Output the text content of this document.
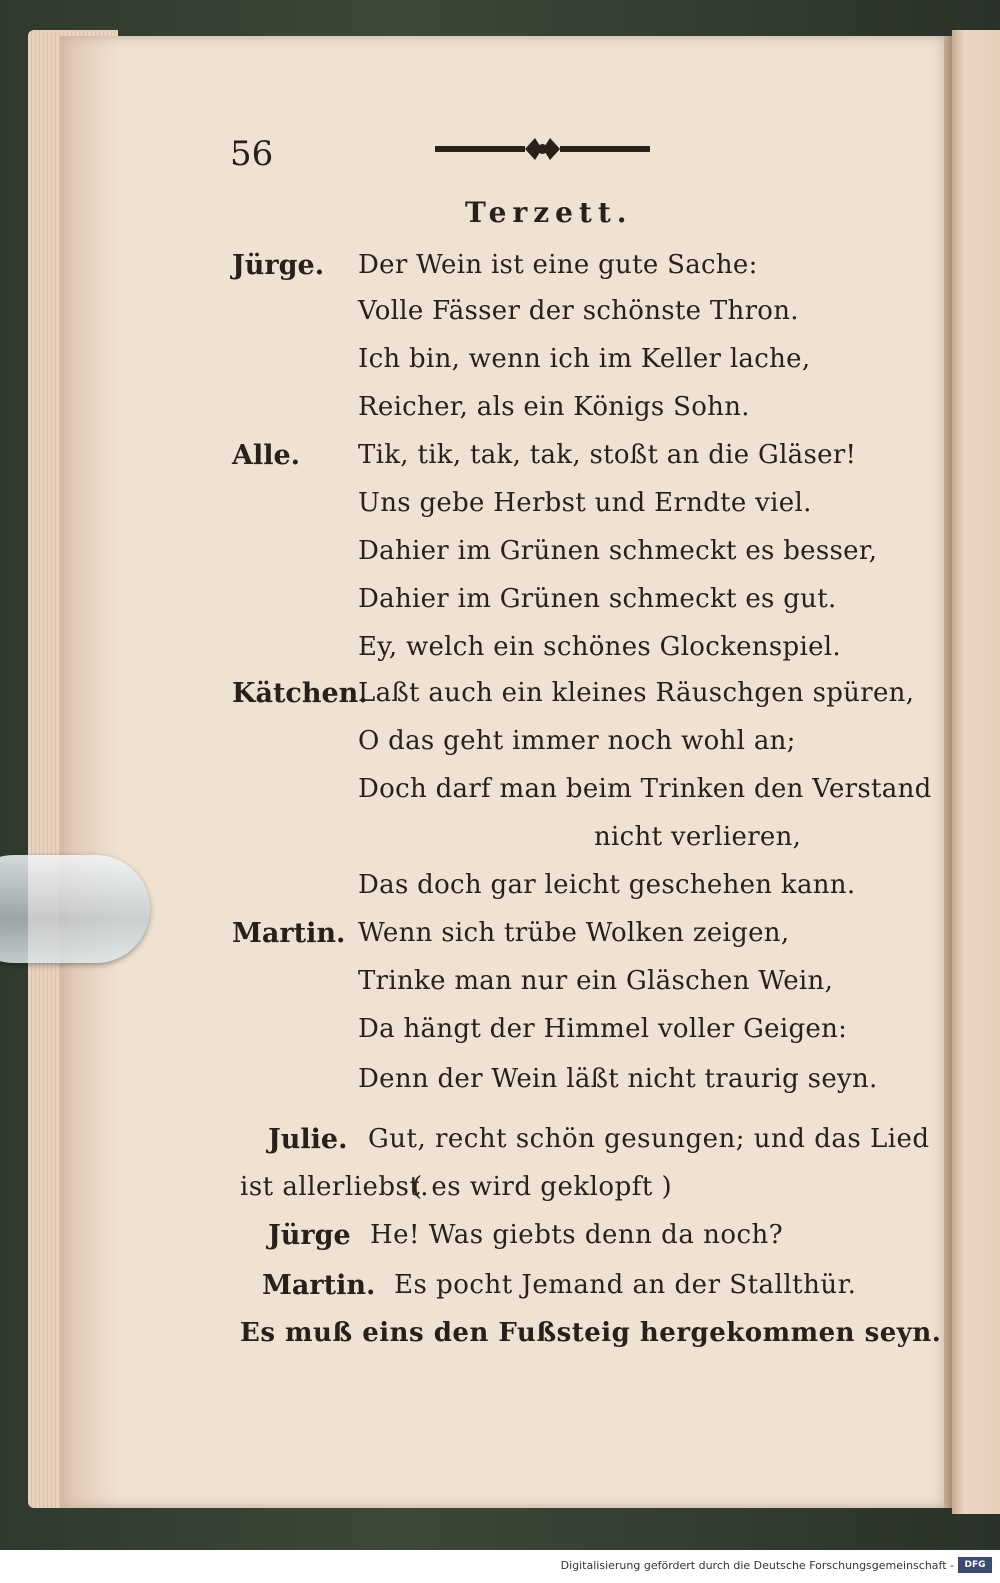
56
Terzett.
Jürge. Der Wein ist eine gute Sache:
Volle Fässer der schönste Thron.
Ich bin, wenn ich im Keller lache,
Reicher, als ein Königs Sohn.
Alle. Tik, tik, tak, tak, stoßt an die Gläser!
Uns gebe Herbst und Erndte viel.
Dahier im Grünen schmeckt es besser,
Dahier im Grünen schmeckt es gut.
Ey, welch ein schönes Glockenspiel.
Kätchen.
Laßt auch ein kleines Räuschgen spüren,
O das geht immer noch wohl an;
Doch darf man beim Trinken den Verstand
nicht verlieren,
Das doch gar leicht geschehen kann.
Martin. Wenn sich trübe Wolken zeigen,
Trinke man nur ein Gläschen Wein,
Da hängt der Himmel voller Geigen:
Denn der Wein läßt nicht traurig seyn.
Julie. Gut, recht schön gesungen; und das Lied
ist allerliebst.
( es wird geklopft )
Jürge He! Was giebts denn da noch?
Martin. Es pocht Jemand an der Stallthür.
Es muß eins den Fußsteig hergekommen seyn.
Digitalisierung gefördert durch die Deutsche Forschungsgemeinschaft -	DFG
